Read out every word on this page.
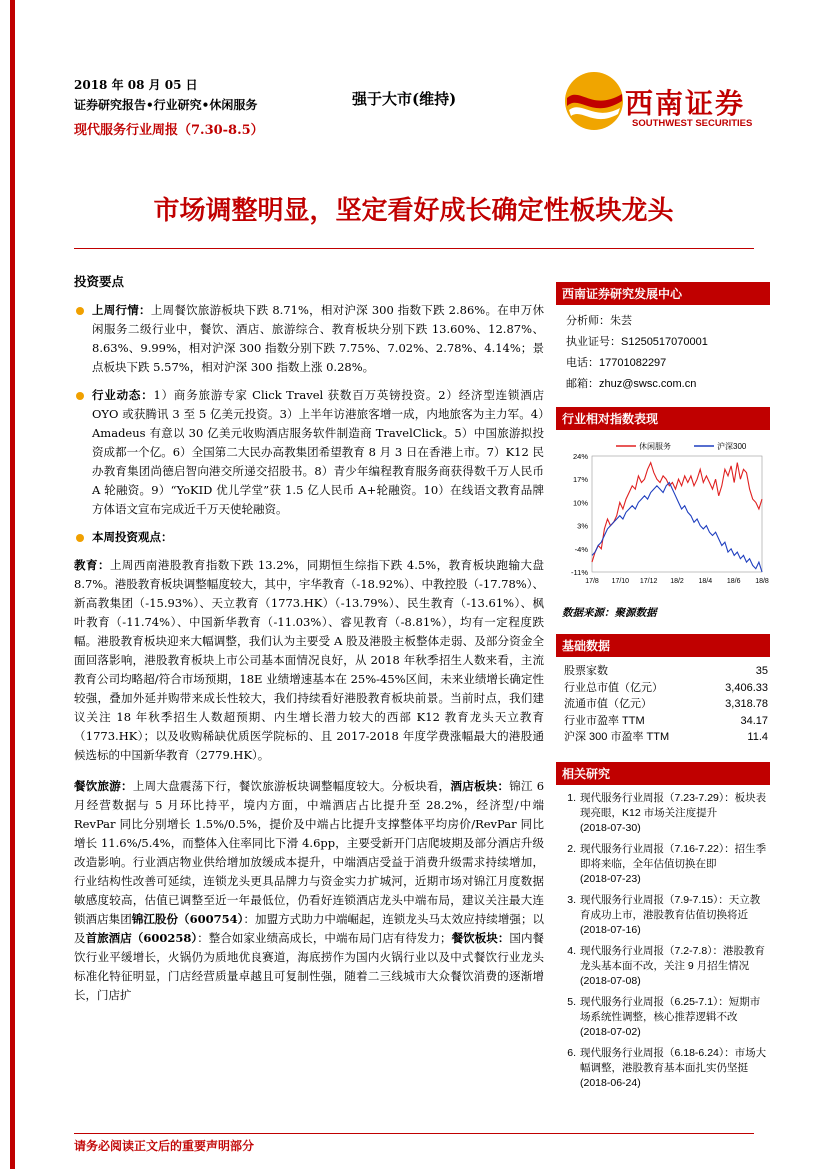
2018 年 08 月 05 日
证券研究报告•行业研究•休闲服务
现代服务行业周报（7.30-8.5）
强于大市(维持)	西南证券
SOUTHWEST SECURITIES
市场调整明显，坚定看好成长确定性板块龙头
投资要点
上周行情：上周餐饮旅游板块下跌 8.71%，相对沪深 300 指数下跌 2.86%。在申万休闲服务二级行业中，餐饮、酒店、旅游综合、教育板块分别下跌 13.60%、12.87%、8.63%、9.99%，相对沪深 300 指数分别下跌 7.75%、7.02%、2.78%、4.14%；景点板块下跌 5.57%，相对沪深 300 指数上涨 0.28%。
行业动态：1）商务旅游专家 Click Travel 获数百万英镑投资。2）经济型连锁酒店 OYO 或获腾讯 3 至 5 亿美元投资。3）上半年访港旅客增一成，内地旅客为主力军。4）Amadeus 有意以 30 亿美元收购酒店服务软件制造商 TravelClick。5）中国旅游拟投资成都一个亿。6）全国第二大民办高教集团希望教育 8 月 3 日在香港上市。7）K12 民办教育集团尚德启智向港交所递交招股书。8）青少年编程教育服务商获得数千万人民币 A 轮融资。9）“YoKID 优儿学堂”获 1.5 亿人民币 A+轮融资。10）在线语文教育品牌方体语文宣布完成近千万天使轮融资。
本周投资观点：
教育：上周西南港股教育指数下跌 13.2%，同期恒生综指下跌 4.5%，教育板块跑输大盘 8.7%。港股教育板块调整幅度较大，其中，宇华教育（-18.92%）、中教控股（-17.78%）、新高教集团（-15.93%）、天立教育（1773.HK）（-13.79%）、民生教育（-13.61%）、枫叶教育（-11.74%）、中国新华教育（-11.03%）、睿见教育（-8.81%），均有一定程度跌幅。港股教育板块迎来大幅调整，我们认为主要受 A 股及港股主板整体走弱、及部分资金全面回落影响，港股教育板块上市公司基本面情况良好，从 2018 年秋季招生人数来看，主流教育公司均略超/符合市场预期，18E 业绩增速基本在 25%-45%区间，未来业绩增长确定性较强，叠加外延并购带来成长性较大，我们持续看好港股教育板块前景。当前时点，我们建议关注 18 年秋季招生人数超预期、内生增长潜力较大的西部 K12 教育龙头天立教育（1773.HK）；以及收购稀缺优质医学院标的、且 2017-2018 年度学费涨幅最大的港股通候选标的中国新华教育（2779.HK）。
餐饮旅游：上周大盘震荡下行，餐饮旅游板块调整幅度较大。分板块看，酒店板块：锦江 6 月经营数据与 5 月环比持平，境内方面，中端酒店占比提升至 28.2%，经济型/中端 RevPar 同比分别增长 1.5%/0.5%，提价及中端占比提升支撑整体平均房价/RevPar 同比增长 11.6%/5.4%，而整体入住率同比下滑 4.6pp，主要受新开门店爬坡期及部分酒店升级改造影响。行业酒店物业供给增加放缓成本提升，中端酒店受益于消费升级需求持续增加，行业结构性改善可延续，连锁龙头更具品牌力与资金实力扩城河，近期市场对锦江月度数据敏感度较高，估值已调整至近一年最低位，仍看好连锁酒店龙头中端布局，建议关注最大连锁酒店集团锦江股份（600754）：加盟方式助力中端崛起，连锁龙头马太效应持续增强；以及首旅酒店（600258）：整合如家业绩高成长，中端布局门店有待发力；餐饮板块：国内餐饮行业平缓增长，火锅仍为质地优良赛道，海底捞作为国内火锅行业以及中式餐饮行业龙头标准化特征明显，门店经营质量卓越且可复制性强，随着二三线城市大众餐饮消费的逐渐增长，门店扩
西南证券研究发展中心
分析师：朱芸
执业证号：S1250517070001
电话：17701082297
邮箱：zhuz@swsc.com.cn
行业相对指数表现
24%
17%
10%
3%
-4%
-11%
17/8 17/10 17/12 18/2 18/4 18/6 18/8
休闲服务	沪深300
数据来源：聚源数据
基础数据
股票家数	35
行业总市值（亿元）	3,406.33
流通市值（亿元）	3,318.78
行业市盈率 TTM	34.17
沪深 300 市盈率 TTM	11.4
相关研究
1. 现代服务行业周报（7.23-7.29）：板块表现亮眼，K12 市场关注度提升
(2018-07-30)
2. 现代服务行业周报（7.16-7.22）：招生季即将来临，全年估值切换在即
(2018-07-23)
3. 现代服务行业周报（7.9-7.15）：天立教育成功上市，港股教育估值切换将近
(2018-07-16)
4. 现代服务行业周报（7.2-7.8）：港股教育龙头基本面不改，关注 9 月招生情况
(2018-07-08)
5. 现代服务行业周报（6.25-7.1）：短期市场系统性调整，核心推荐逻辑不改
(2018-07-02)
6. 现代服务行业周报（6.18-6.24）：市场大幅调整，港股教育基本面扎实仍坚挺
(2018-06-24)
请务必阅读正文后的重要声明部分
